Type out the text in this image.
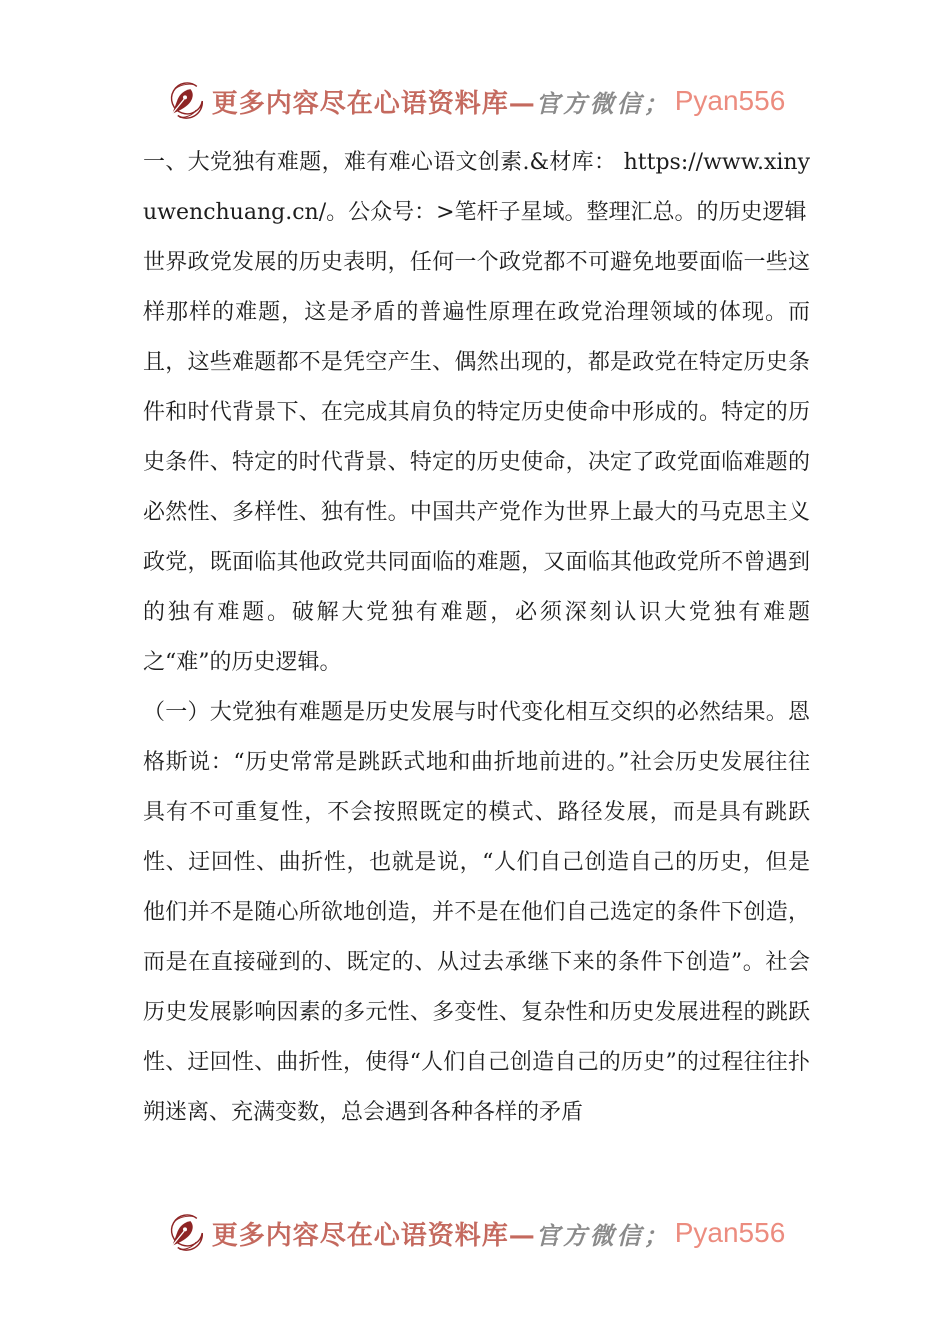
更多内容尽在心语资料库— 官方微信； Pyan556

一、大党独有难题，难有难心语文创素.&材库： https://www.xinyuwenchuang.cn/。公众号：>笔杆子星域。整理汇总。的历史逻辑

世界政党发展的历史表明，任何一个政党都不可避免地要面临一些这样那样的难题，这是矛盾的普遍性原理在政党治理领域的体现。而且，这些难题都不是凭空产生、偶然出现的，都是政党在特定历史条件和时代背景下、在完成其肩负的特定历史使命中形成的。特定的历史条件、特定的时代背景、特定的历史使命，决定了政党面临难题的必然性、多样性、独有性。中国共产党作为世界上最大的马克思主义政党，既面临其他政党共同面临的难题，又面临其他政党所不曾遇到的独有难题。破解大党独有难题，必须深刻认识大党独有难题之“难”的历史逻辑。

（一）大党独有难题是历史发展与时代变化相互交织的必然结果。恩格斯说：“历史常常是跳跃式地和曲折地前进的。”社会历史发展往往具有不可重复性，不会按照既定的模式、路径发展，而是具有跳跃性、迂回性、曲折性，也就是说，“人们自己创造自己的历史，但是他们并不是随心所欲地创造，并不是在他们自己选定的条件下创造，而是在直接碰到的、既定的、从过去承继下来的条件下创造”。社会历史发展影响因素的多元性、多变性、复杂性和历史发展进程的跳跃性、迂回性、曲折性，使得“人们自己创造自己的历史”的过程往往扑朔迷离、充满变数，总会遇到各种各样的矛盾

更多内容尽在心语资料库— 官方微信； Pyan556
